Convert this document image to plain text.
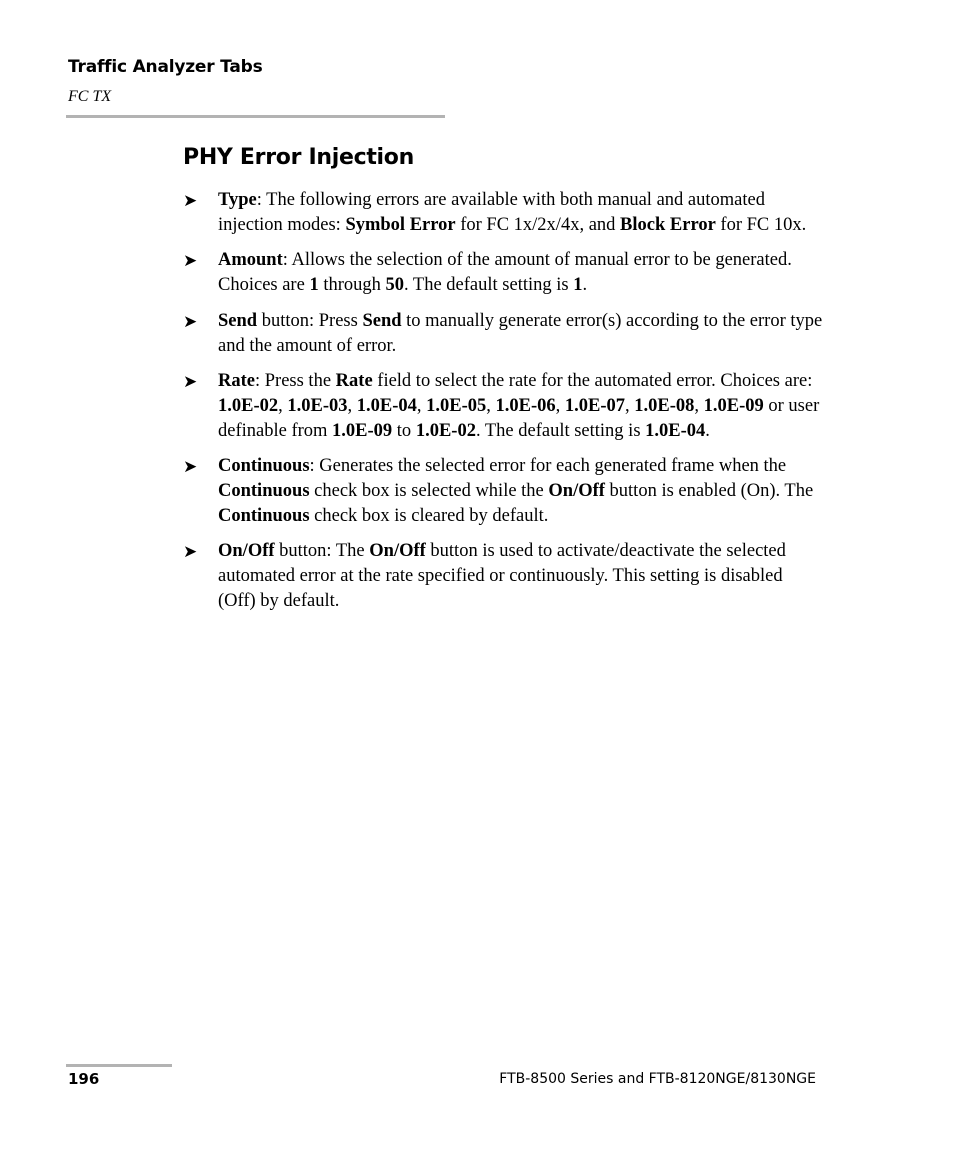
Traffic Analyzer Tabs
FC TX
PHY Error Injection
➤ Type: The following errors are available with both manual and automated injection modes: Symbol Error for FC 1x/2x/4x, and Block Error for FC 10x.
➤ Amount: Allows the selection of the amount of manual error to be generated. Choices are 1 through 50. The default setting is 1.
➤ Send button: Press Send to manually generate error(s) according to the error type and the amount of error.
➤ Rate: Press the Rate field to select the rate for the automated error. Choices are: 1.0E-02, 1.0E-03, 1.0E-04, 1.0E-05, 1.0E-06, 1.0E-07, 1.0E-08, 1.0E-09 or user definable from 1.0E-09 to 1.0E-02. The default setting is 1.0E-04.
➤ Continuous: Generates the selected error for each generated frame when the Continuous check box is selected while the On/Off button is enabled (On). The Continuous check box is cleared by default.
➤ On/Off button: The On/Off button is used to activate/deactivate the selected automated error at the rate specified or continuously. This setting is disabled (Off) by default.
196	FTB-8500 Series and FTB-8120NGE/8130NGE
